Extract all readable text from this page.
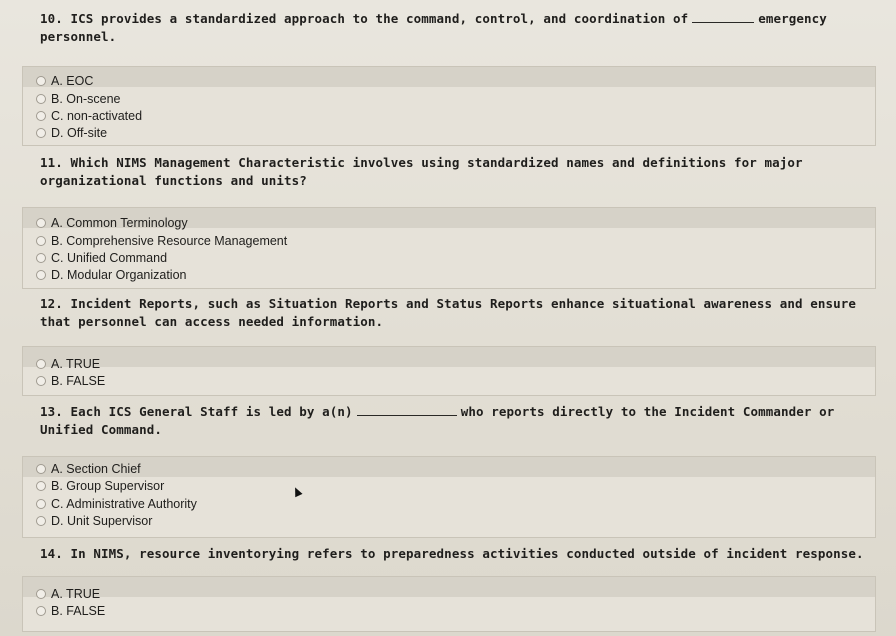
10. ICS provides a standardized approach to the command, control, and coordination of	emergency personnel.
A. EOC
B. On-scene
C. non-activated
D. Off-site
11. Which NIMS Management Characteristic involves using standardized names and definitions for major organizational functions and units?
A. Common Terminology
B. Comprehensive Resource Management
C. Unified Command
D. Modular Organization
12. Incident Reports, such as Situation Reports and Status Reports enhance situational awareness and ensure that personnel can access needed information.
A. TRUE
B. FALSE
13. Each ICS General Staff is led by a(n)	who reports directly to the Incident Commander or Unified Command.
A. Section Chief
B. Group Supervisor
C. Administrative Authority
D. Unit Supervisor
14. In NIMS, resource inventorying refers to preparedness activities conducted outside of incident response.
A. TRUE
B. FALSE
